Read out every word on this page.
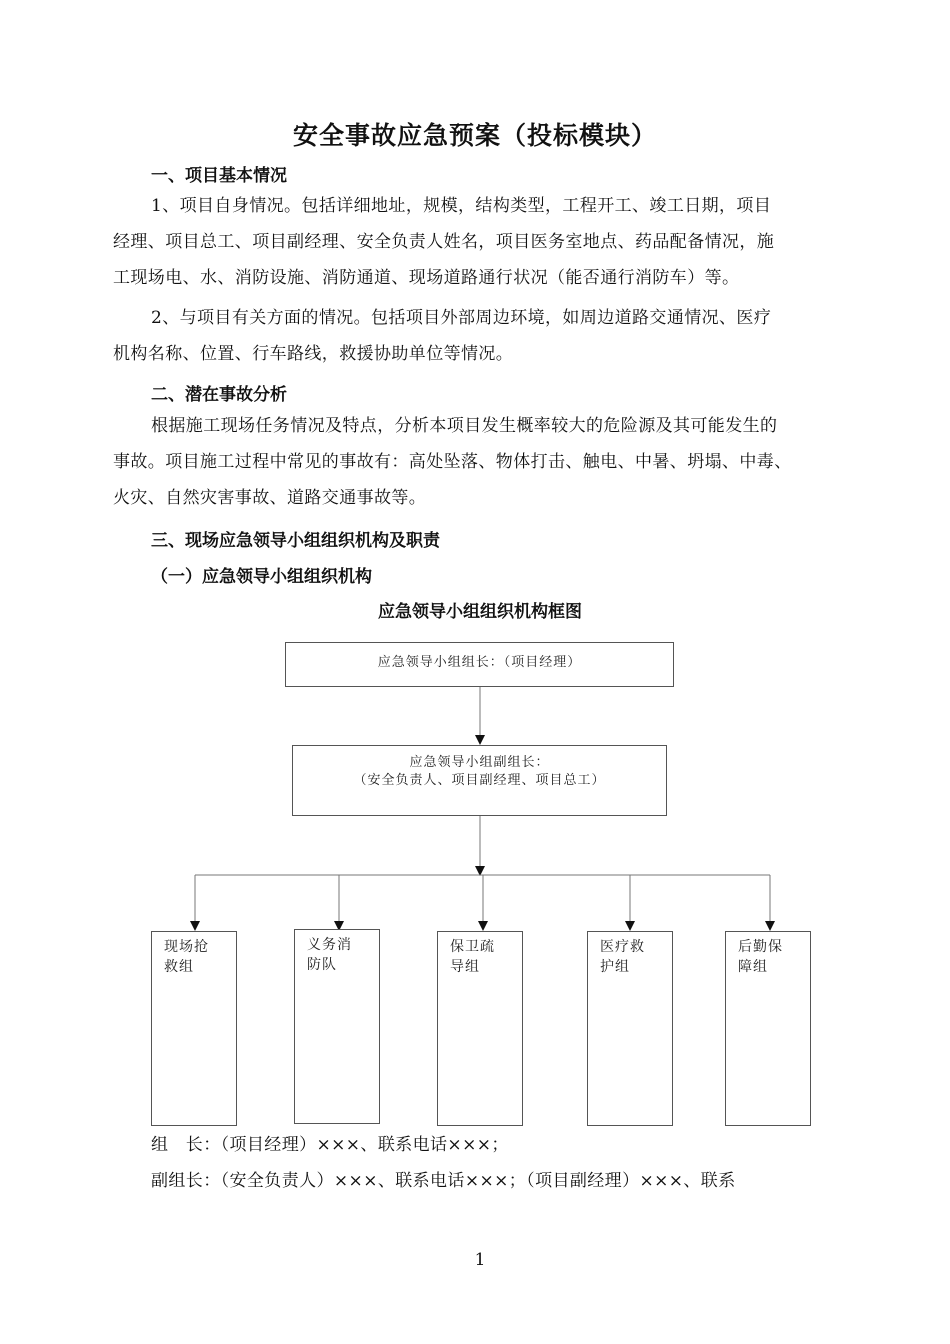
安全事故应急预案（投标模块）
一、项目基本情况
1、项目自身情况。包括详细地址，规模，结构类型，工程开工、竣工日期，项目
经理、项目总工、项目副经理、安全负责人姓名，项目医务室地点、药品配备情况，施
工现场电、水、消防设施、消防通道、现场道路通行状况（能否通行消防车）等。
2、与项目有关方面的情况。包括项目外部周边环境，如周边道路交通情况、医疗
机构名称、位置、行车路线，救援协助单位等情况。
二、潜在事故分析
根据施工现场任务情况及特点，分析本项目发生概率较大的危险源及其可能发生的
事故。项目施工过程中常见的事故有：高处坠落、物体打击、触电、中暑、坍塌、中毒、
火灾、自然灾害事故、道路交通事故等。
三、现场应急领导小组组织机构及职责
（一）应急领导小组组织机构
应急领导小组组织机构框图
应急领导小组组长：（项目经理）
应急领导小组副组长：
（安全负责人、项目副经理、项目总工）
现场抢
救组
义务消
防队
保卫疏
导组
医疗救
护组
后勤保
障组
组　长：（项目经理）×××、联系电话×××；
副组长：（安全负责人）×××、联系电话×××；（项目副经理）×××、联系
1
